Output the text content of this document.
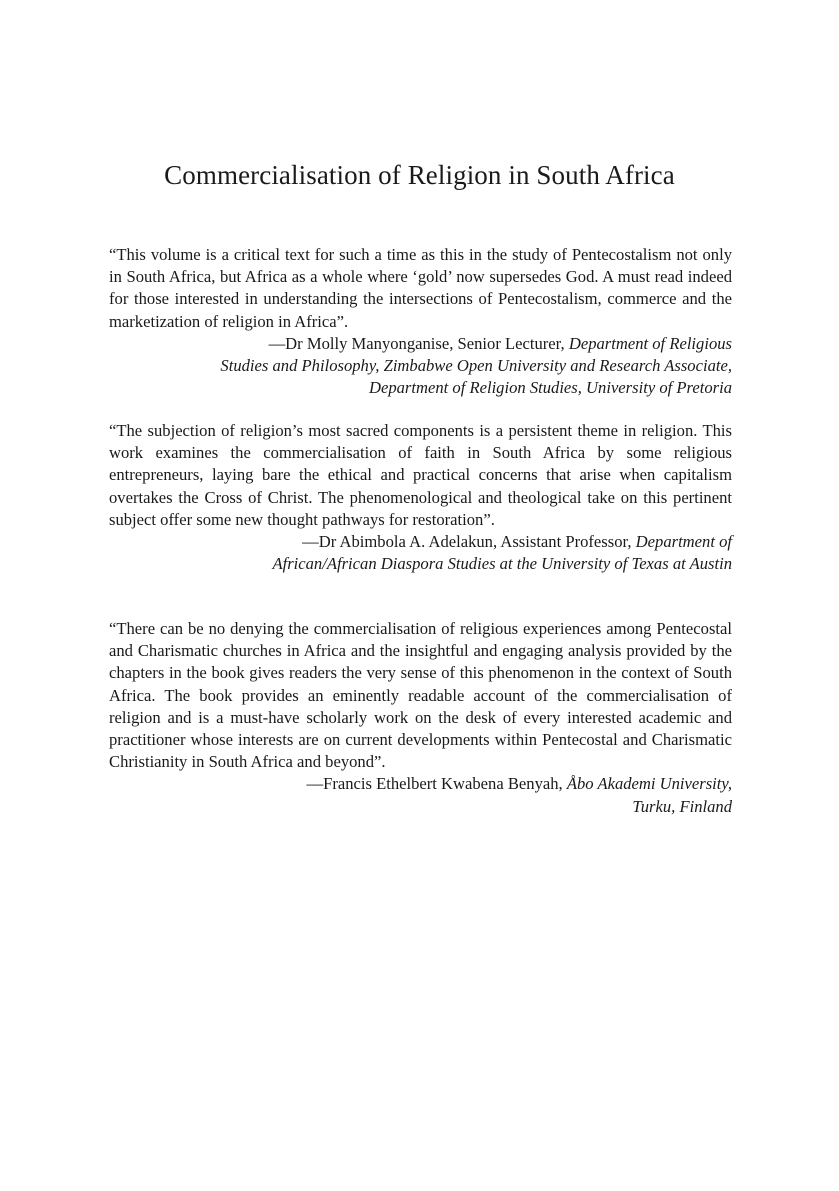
Commercialisation of Religion in South Africa

“This volume is a critical text for such a time as this in the study of Pentecostalism not only in South Africa, but Africa as a whole where ‘gold’ now supersedes God. A must read indeed for those interested in understanding the intersections of Pentecostalism, commerce and the marketization of religion in Africa”.

—Dr Molly Manyonganise, Senior Lecturer, Department of Religious
Studies and Philosophy, Zimbabwe Open University and Research Associate,
Department of Religion Studies, University of Pretoria

“The subjection of religion’s most sacred components is a persistent theme in religion. This work examines the commercialisation of faith in South Africa by some religious entrepreneurs, laying bare the ethical and practical concerns that arise when capitalism overtakes the Cross of Christ. The phenomenological and theological take on this pertinent subject offer some new thought pathways for restoration”.

—Dr Abimbola A. Adelakun, Assistant Professor, Department of
African/African Diaspora Studies at the University of Texas at Austin

“There can be no denying the commercialisation of religious experiences among Pentecostal and Charismatic churches in Africa and the insightful and engaging analysis provided by the chapters in the book gives readers the very sense of this phenomenon in the context of South Africa. The book provides an eminently readable account of the commercialisation of religion and is a must-have scholarly work on the desk of every interested academic and practitioner whose interests are on current developments within Pentecostal and Charismatic Christianity in South Africa and beyond”.

—Francis Ethelbert Kwabena Benyah, Åbo Akademi University,
Turku, Finland
